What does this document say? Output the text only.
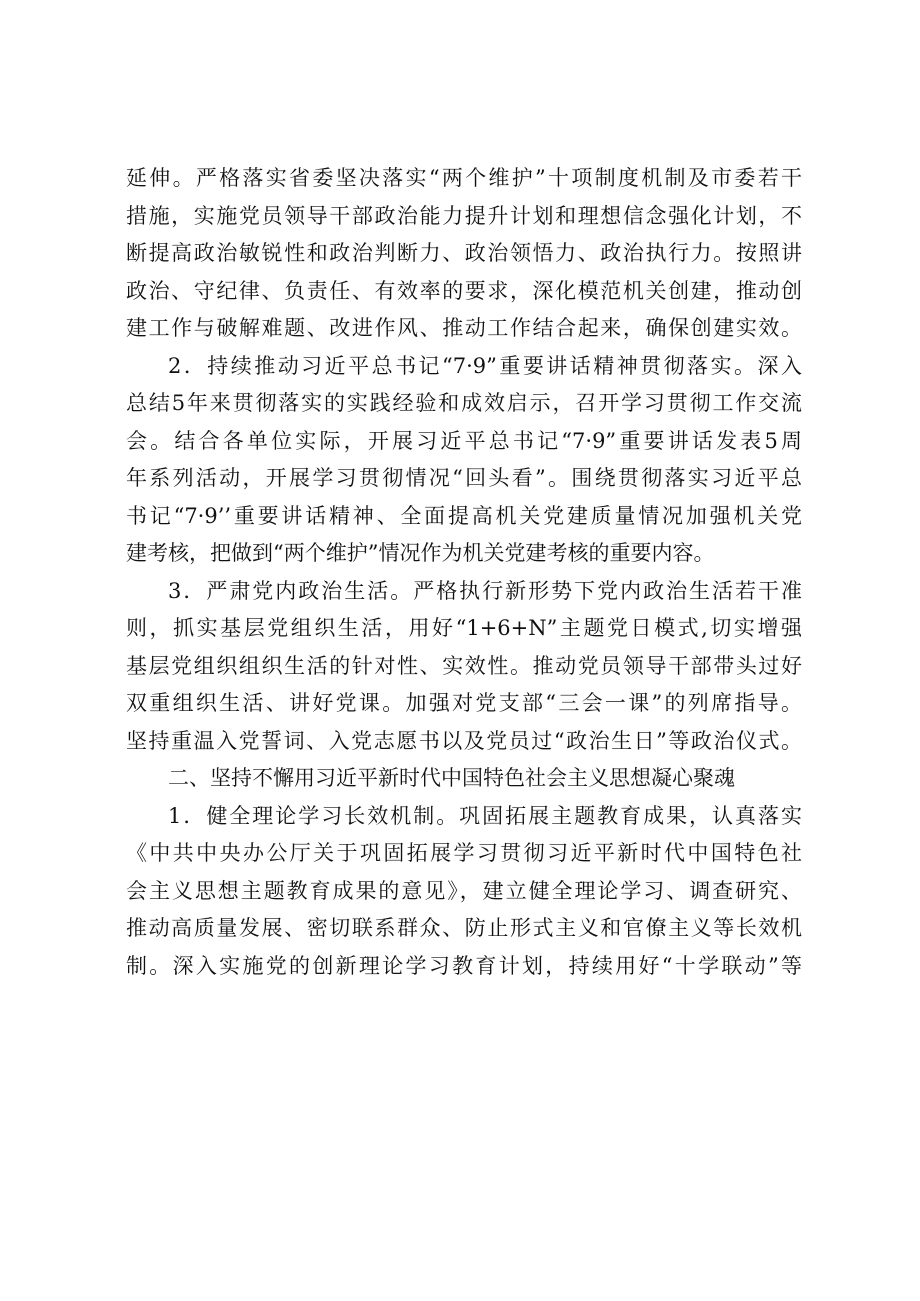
延伸。严格落实省委坚决落实“两个维护”十项制度机制及市委若干
措施，实施党员领导干部政治能力提升计划和理想信念强化计划，不
断提高政治敏锐性和政治判断力、政治领悟力、政治执行力。按照讲
政治、守纪律、负责任、有效率的要求，深化模范机关创建，推动创
建工作与破解难题、改进作风、推动工作结合起来，确保创建实效。
2．持续推动习近平总书记“7·9”重要讲话精神贯彻落实。深入
总结5年来贯彻落实的实践经验和成效启示，召开学习贯彻工作交流
会。结合各单位实际，开展习近平总书记“7·9”重要讲话发表5周
年系列活动，开展学习贯彻情况“回头看”。围绕贯彻落实习近平总
书记“7·9’’重要讲话精神、全面提高机关党建质量情况加强机关党
建考核，把做到“两个维护”情况作为机关党建考核的重要内容。
3．严肃党内政治生活。严格执行新形势下党内政治生活若干准
则，抓实基层党组织生活，用好“1+6+N”主题党日模式,切实增强
基层党组织组织生活的针对性、实效性。推动党员领导干部带头过好
双重组织生活、讲好党课。加强对党支部“三会一课”的列席指导。
坚持重温入党誓词、入党志愿书以及党员过“政治生日”等政治仪式。
二、坚持不懈用习近平新时代中国特色社会主义思想凝心聚魂
1．健全理论学习长效机制。巩固拓展主题教育成果，认真落实
《中共中央办公厅关于巩固拓展学习贯彻习近平新时代中国特色社
会主义思想主题教育成果的意见》，建立健全理论学习、调查研究、
推动高质量发展、密切联系群众、防止形式主义和官僚主义等长效机
制。深入实施党的创新理论学习教育计划，持续用好“十学联动”等
